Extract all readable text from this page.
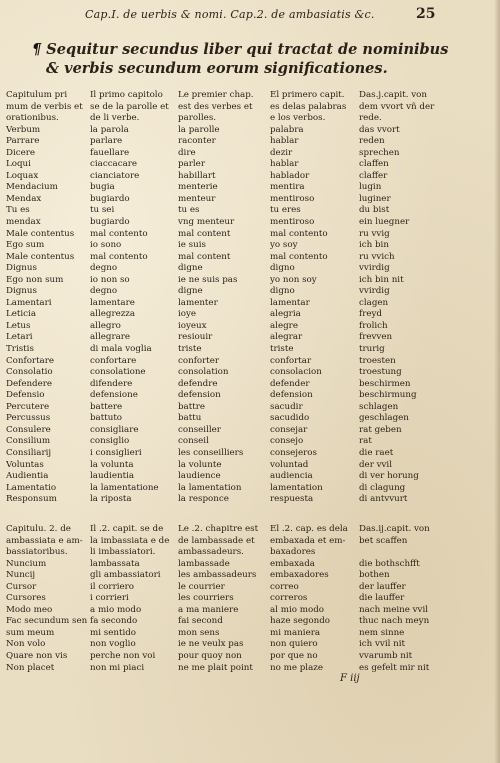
Cap.I. de uerbis & nomi. Cap.2. de ambasiatis &c.	25
¶ Sequitur secundus liber qui tractat de nominibus
& verbis secundum eorum significationes.
Capitulum pri
mum de verbis et
orationibus.
Verbum
Parrare
Dicere
Loqui
Loquax
Mendacium
Mendax
Tu es
mendax
Male contentus
Ego sum
Male contentus
Dignus
Ego non sum
Dignus
Lamentari
Leticia
Letus
Letari
Tristis
Confortare
Consolatio
Defendere
Defensio
Percutere
Percussus
Consulere
Consilium
Consiliarij
Voluntas
Audientia
Lamentatio
Responsum
Il primo capitolo
se de la parolle et
de li verbe.
la parola
parlare
fauellare
ciaccacare
cianciatore
bugia
bugiardo
tu sei
bugiardo
mal contento
io sono
mal contento
degno
io non so
degno
lamentare
allegrezza
allegro
allegrare
di mala voglia
confortare
consolatione
difendere
defensione
battere
battuto
consigliare
consiglio
i consiglieri
la volunta
laudientia
la lamentatione
la riposta
Le premier chap.
est des verbes et
parolles.
la parolle
raconter
dire
parler
habillart
menterie
menteur
tu es
vng menteur
mal content
ie suis
mal content
digne
ie ne suis pas
digne
lamenter
ioye
ioyeux
resiouir
triste
conforter
consolation
defendre
defension
battre
battu
conseiller
conseil
les conseilliers
la volunte
laudience
la lamentation
la responce
El primero capit.
es delas palabras
e los verbos.
palabra
hablar
dezir
hablar
hablador
mentira
mentiroso
tu eres
mentiroso
mal contento
yo soy
mal contento
digno
yo non soy
digno
lamentar
alegria
alegre
alegrar
triste
confortar
consolacion
defender
defension
sacudir
sacudido
consejar
consejo
consejeros
voluntad
audiencia
lamentation
respuesta
Das.j.capit. von
dem vvort vñ der
rede.
das vvort
reden
sprechen
claffen
claffer
lugin
luginer
du bist
ein luegner
ru vvig
ich bin
ru vvich
vvirdig
ich bin nit
vvirdig
clagen
freyd
frolich
frevven
trurig
troesten
troestung
beschirmen
beschirmung
schlagen
geschlagen
rat geben
rat
die raet
der vvil
di ver horung
di clagung
di antvvurt
Capitulu. 2. de
ambassiata e am-
bassiatoribus.
Nuncium
Nuncij
Cursor
Cursores
Modo meo
Fac secundum sen
sum meum
Non volo
Quare non vis
Non placet
Il .2. capit. se de
la imbassiata e de
li imbassiatori.
lambassata
gli ambassiatori
il corriero
i corrieri
a mio modo
fa secondo
mi sentido
non voglio
perche non voi
non mi piaci
Le .2. chapitre est
de lambassade et
ambassadeurs.
lambassade
les ambassadeurs
le courrier
les courriers
a ma maniere
fai second
mon sens
ie ne veulx pas
pour quoy non
ne me plait point
El .2. cap. es dela
embaxada et em-
baxadores
embaxada
embaxadores
correo
correros
al mio modo
haze segondo
mi maniera
non quiero
por que no
no me plaze
Das.ij.capit. von
bet scaffen
die bothschfft
bothen
der lauffer
die lauffer
nach meine vvil
thuc nach meyn
nem sinne
ich vvil nit
vvarumb nit
es gefelt mir nit
F iij
